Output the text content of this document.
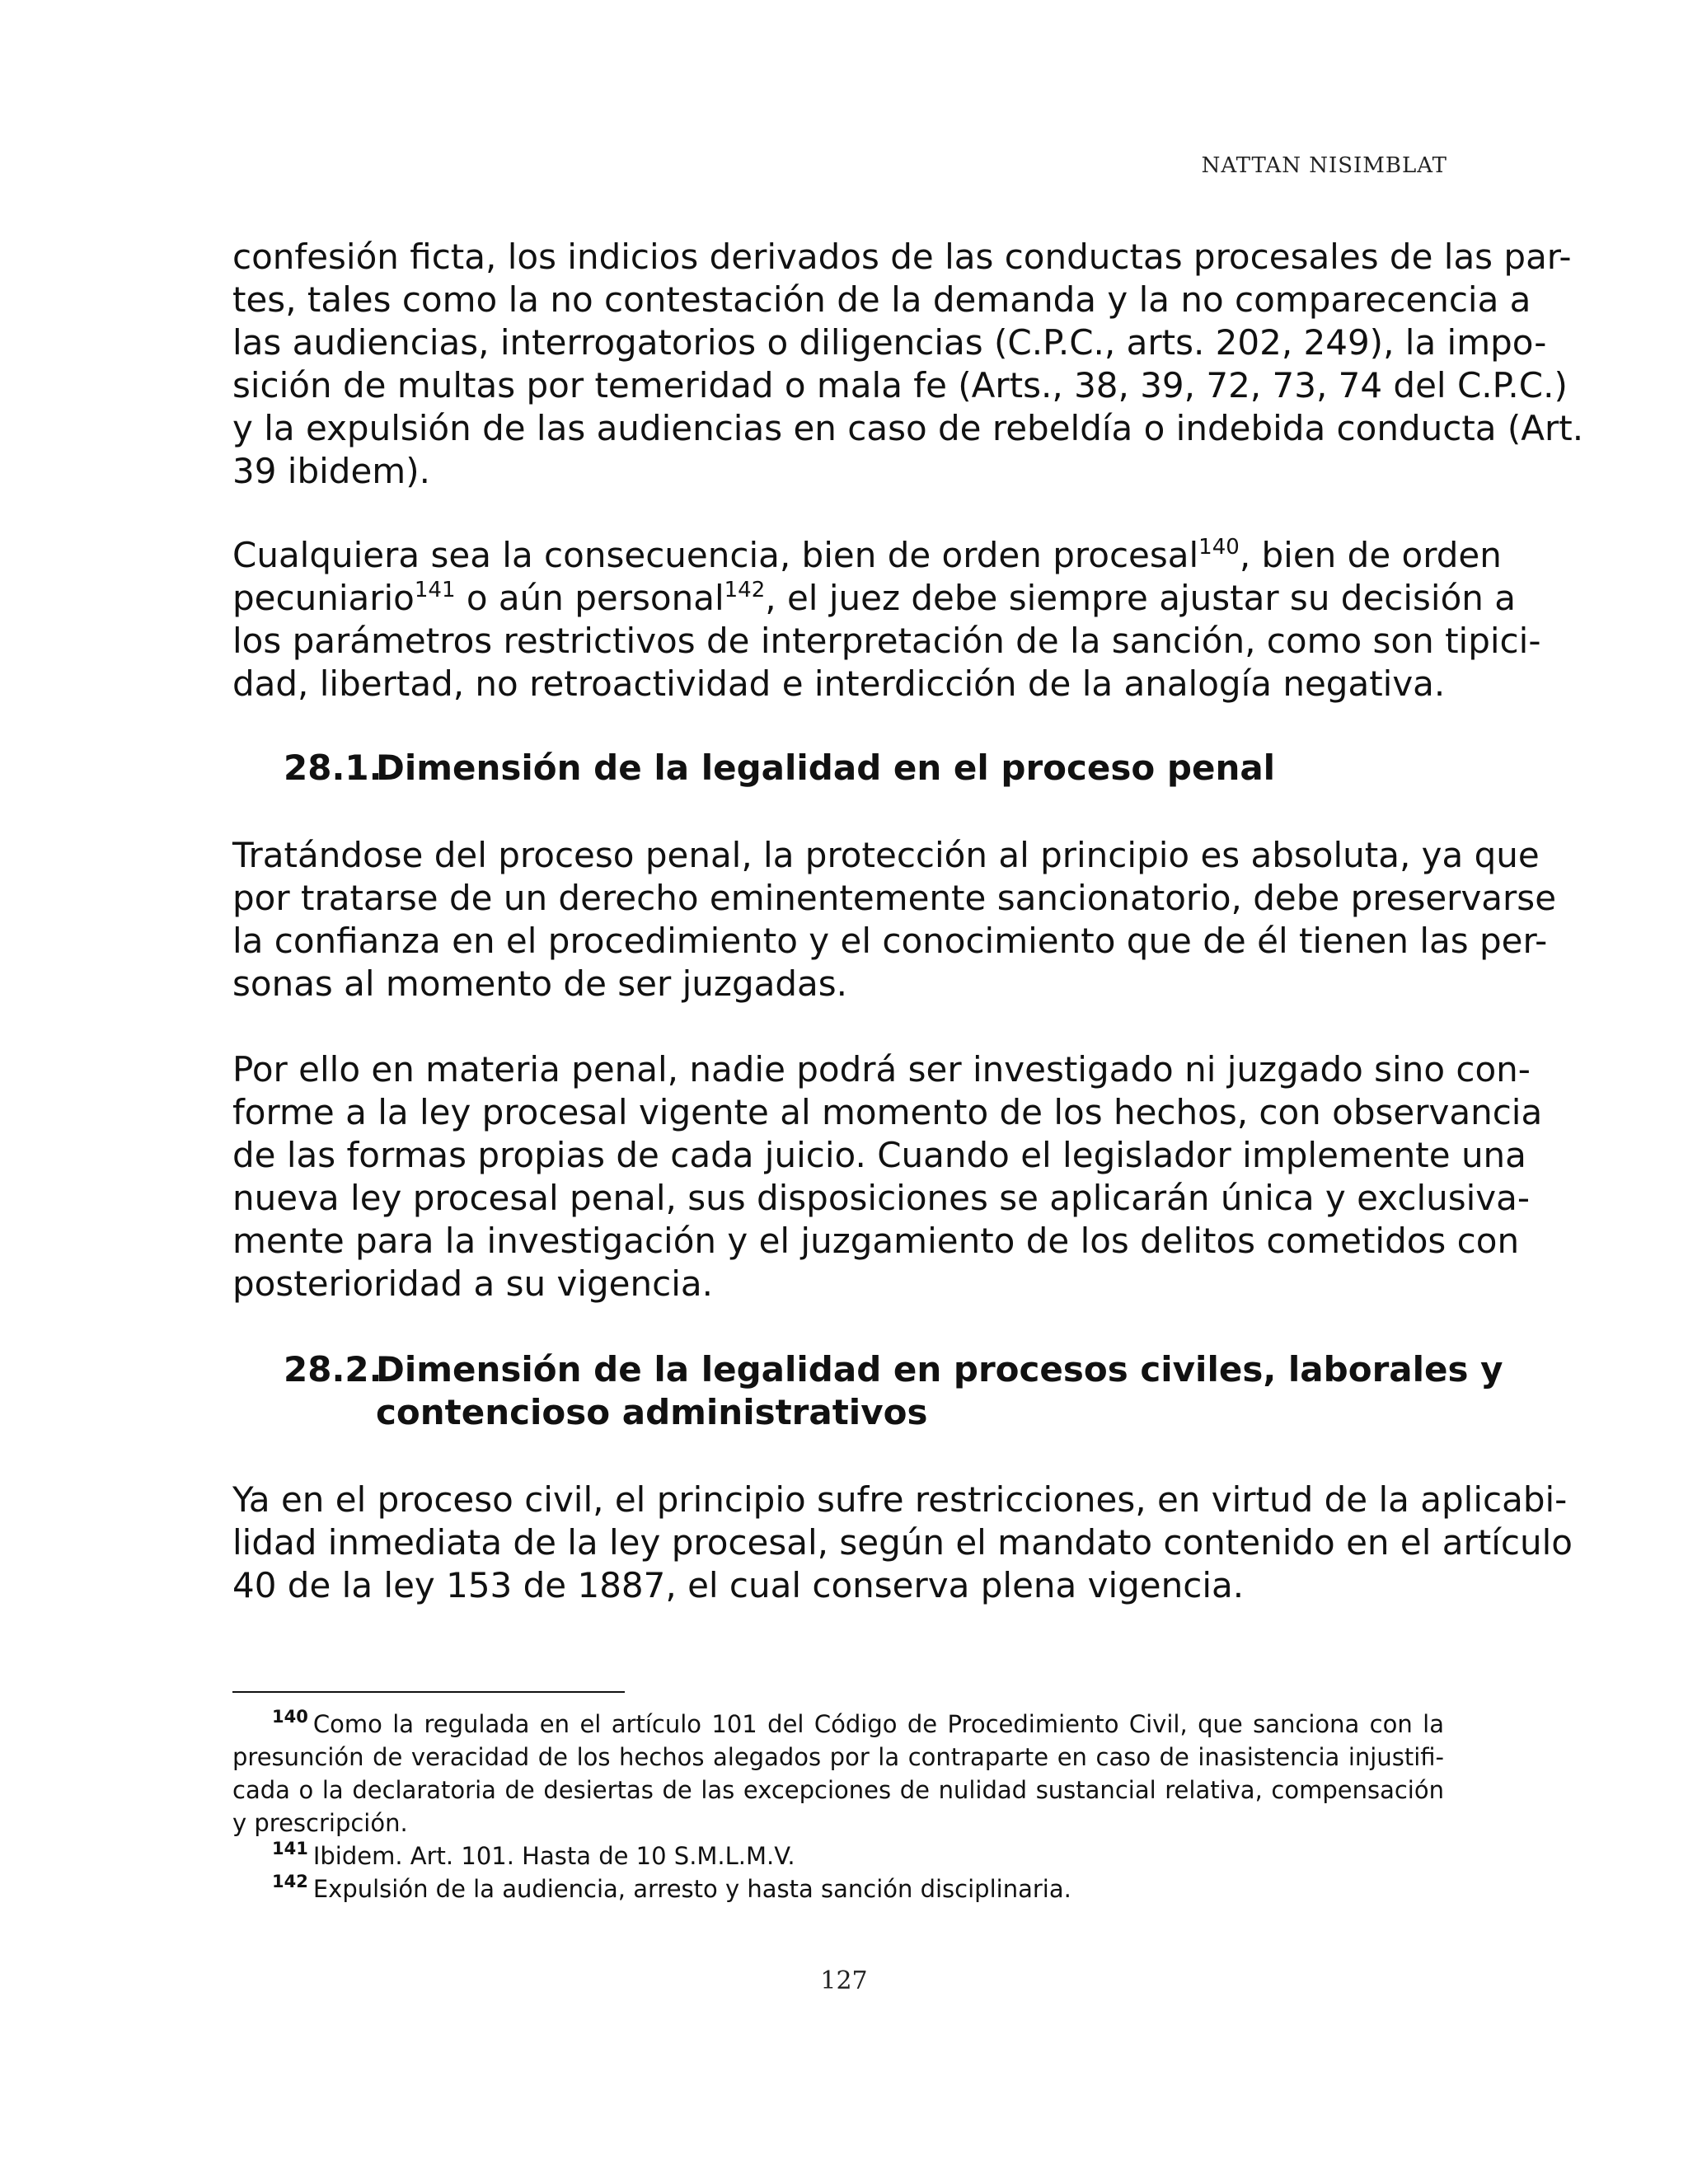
NATTAN NISIMBLAT
confesión ficta, los indicios derivados de las conductas procesales de las par-
tes, tales como la no contestación de la demanda y la no comparecencia a
las audiencias, interrogatorios o diligencias (C.P.C., arts. 202, 249), la impo-
sición de multas por temeridad o mala fe (Arts., 38, 39, 72, 73, 74 del C.P.C.)
y la expulsión de las audiencias en caso de rebeldía o indebida conducta (Art.
39 ibidem).
Cualquiera sea la consecuencia, bien de orden procesal$^{140}$, bien de orden
pecuniario$^{141}$ o aún personal$^{142}$, el juez debe siempre ajustar su decisión a
los parámetros restrictivos de interpretación de la sanción, como son tipici-
dad, libertad, no retroactividad e interdicción de la analogía negativa.
28.1.Dimensión de la legalidad en el proceso penal
Tratándose del proceso penal, la protección al principio es absoluta, ya que
por tratarse de un derecho eminentemente sancionatorio, debe preservarse
la confianza en el procedimiento y el conocimiento que de él tienen las per-
sonas al momento de ser juzgadas.
Por ello en materia penal, nadie podrá ser investigado ni juzgado sino con-
forme a la ley procesal vigente al momento de los hechos, con observancia
de las formas propias de cada juicio. Cuando el legislador implemente una
nueva ley procesal penal, sus disposiciones se aplicarán única y exclusiva-
mente para la investigación y el juzgamiento de los delitos cometidos con
posterioridad a su vigencia.
28.2.Dimensión de la legalidad en procesos civiles, laborales y
contencioso administrativos
Ya en el proceso civil, el principio sufre restricciones, en virtud de la aplicabi-
lidad inmediata de la ley procesal, según el mandato contenido en el artículo
40 de la ley 153 de 1887, el cual conserva plena vigencia.
$^{140}$ Como la regulada en el artículo 101 del Código de Procedimiento Civil, que sanciona con la
presunción de veracidad de los hechos alegados por la contraparte en caso de inasistencia injustifi-
cada o la declaratoria de desiertas de las excepciones de nulidad sustancial relativa, compensación
y prescripción.
$^{141}$ Ibidem. Art. 101. Hasta de 10 S.M.L.M.V.
$^{142}$ Expulsión de la audiencia, arresto y hasta sanción disciplinaria.
127
